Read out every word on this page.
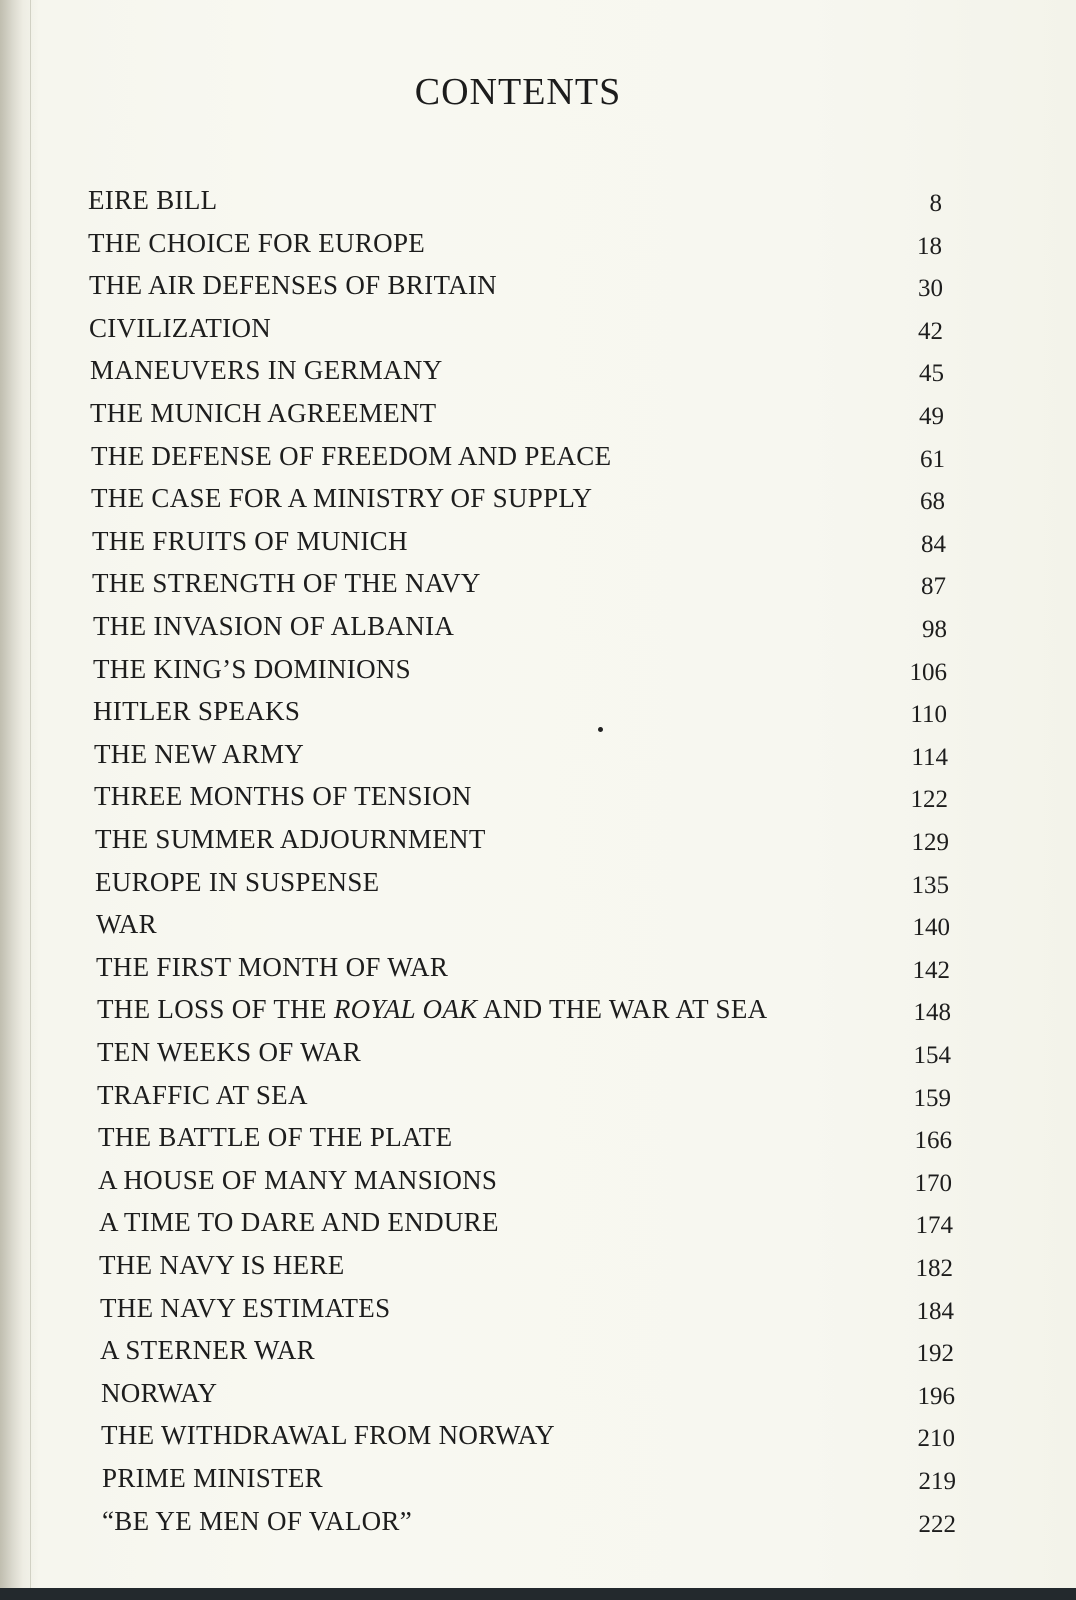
CONTENTS
EIRE BILL	8
THE CHOICE FOR EUROPE	18
THE AIR DEFENSES OF BRITAIN	30
CIVILIZATION	42
MANEUVERS IN GERMANY	45
THE MUNICH AGREEMENT	49
THE DEFENSE OF FREEDOM AND PEACE	61
THE CASE FOR A MINISTRY OF SUPPLY	68
THE FRUITS OF MUNICH	84
THE STRENGTH OF THE NAVY	87
THE INVASION OF ALBANIA	98
THE KING’S DOMINIONS	106
HITLER SPEAKS	110
THE NEW ARMY	114
THREE MONTHS OF TENSION	122
THE SUMMER ADJOURNMENT	129
EUROPE IN SUSPENSE	135
WAR	140
THE FIRST MONTH OF WAR	142
THE LOSS OF THE ROYAL OAK AND THE WAR AT SEA	148
TEN WEEKS OF WAR	154
TRAFFIC AT SEA	159
THE BATTLE OF THE PLATE	166
A HOUSE OF MANY MANSIONS	170
A TIME TO DARE AND ENDURE	174
THE NAVY IS HERE	182
THE NAVY ESTIMATES	184
A STERNER WAR	192
NORWAY	196
THE WITHDRAWAL FROM NORWAY	210
PRIME MINISTER	219
“BE YE MEN OF VALOR”	222
